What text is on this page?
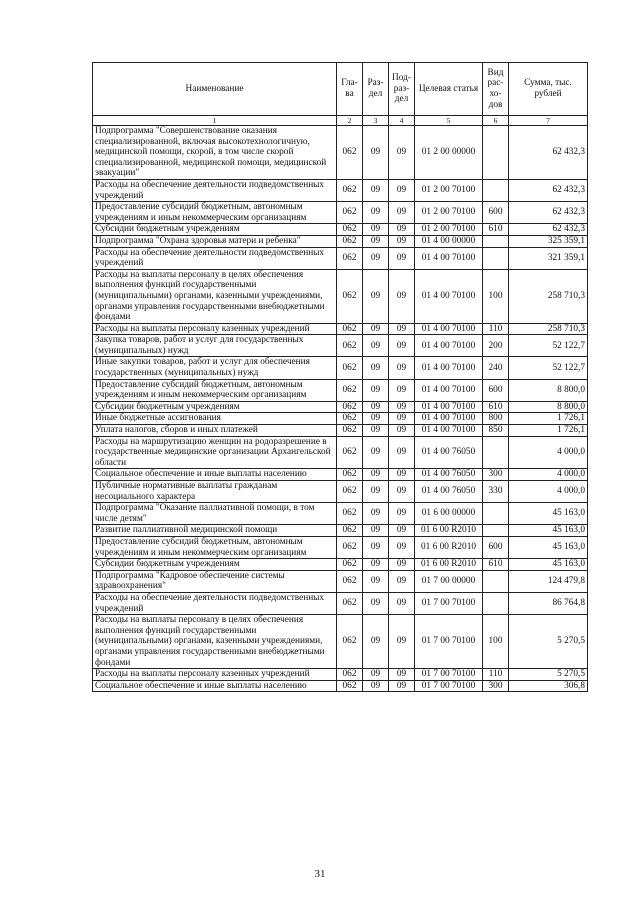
Наименование	Гла-ва	Раз-дел	Под-раз-дел	Целевая статья	Вид рас-хо-дов	Сумма, тыс. рублей
1	2	3	4	5	6	7
Подпрограмма "Совершенствование оказания специализированной, включая высокотехнологичную, медицинской помощи, скорой, в том числе скорой специализированной, медицинской помощи, медицинской эвакуации"	062	09	09	01 2 00 00000		62 432,3
Расходы на обеспечение деятельности подведомственных учреждений	062	09	09	01 2 00 70100		62 432,3
Предоставление субсидий бюджетным, автономным учреждениям и иным некоммерческим организациям	062	09	09	01 2 00 70100	600	62 432,3
Субсидии бюджетным учреждениям	062	09	09	01 2 00 70100	610	62 432,3
Подпрограмма "Охрана здоровья матери и ребенка"	062	09	09	01 4 00 00000		325 359,1
Расходы на обеспечение деятельности подведомственных учреждений	062	09	09	01 4 00 70100		321 359,1
Расходы на выплаты персоналу в целях обеспечения выполнения функций государственными (муниципальными) органами, казенными учреждениями, органами управления государственными внебюджетными фондами	062	09	09	01 4 00 70100	100	258 710,3
Расходы на выплаты персоналу казенных учреждений	062	09	09	01 4 00 70100	110	258 710,3
Закупка товаров, работ и услуг для государственных (муниципальных) нужд	062	09	09	01 4 00 70100	200	52 122,7
Иные закупки товаров, работ и услуг для обеспечения государственных (муниципальных) нужд	062	09	09	01 4 00 70100	240	52 122,7
Предоставление субсидий бюджетным, автономным учреждениям и иным некоммерческим организациям	062	09	09	01 4 00 70100	600	8 800,0
Субсидии бюджетным учреждениям	062	09	09	01 4 00 70100	610	8 800,0
Иные бюджетные ассигнования	062	09	09	01 4 00 70100	800	1 726,1
Уплата налогов, сборов и иных платежей	062	09	09	01 4 00 70100	850	1 726,1
Расходы на маршрутизацию женщин на родоразрешение в государственные медицинские организации Архангельской области	062	09	09	01 4 00 76050		4 000,0
Социальное обеспечение и иные выплаты населению	062	09	09	01 4 00 76050	300	4 000,0
Публичные нормативные выплаты гражданам несоциального характера	062	09	09	01 4 00 76050	330	4 000,0
Подпрограмма "Оказание паллиативной помощи, в том числе детям"	062	09	09	01 6 00 00000		45 163,0
Развитие паллиативной медицинской помощи	062	09	09	01 6 00 R2010		45 163,0
Предоставление субсидий бюджетным, автономным учреждениям и иным некоммерческим организациям	062	09	09	01 6 00 R2010	600	45 163,0
Субсидии бюджетным учреждениям	062	09	09	01 6 00 R2010	610	45 163,0
Подпрограмма "Кадровое обеспечение системы здравоохранения"	062	09	09	01 7 00 00000		124 479,8
Расходы на обеспечение деятельности подведомственных учреждений	062	09	09	01 7 00 70100		86 764,8
Расходы на выплаты персоналу в целях обеспечения выполнения функций государственными (муниципальными) органами, казенными учреждениями, органами управления государственными внебюджетными фондами	062	09	09	01 7 00 70100	100	5 270,5
Расходы на выплаты персоналу казенных учреждений	062	09	09	01 7 00 70100	110	5 270,5
Социальное обеспечение и иные выплаты населению	062	09	09	01 7 00 70100	300	306,8
31
